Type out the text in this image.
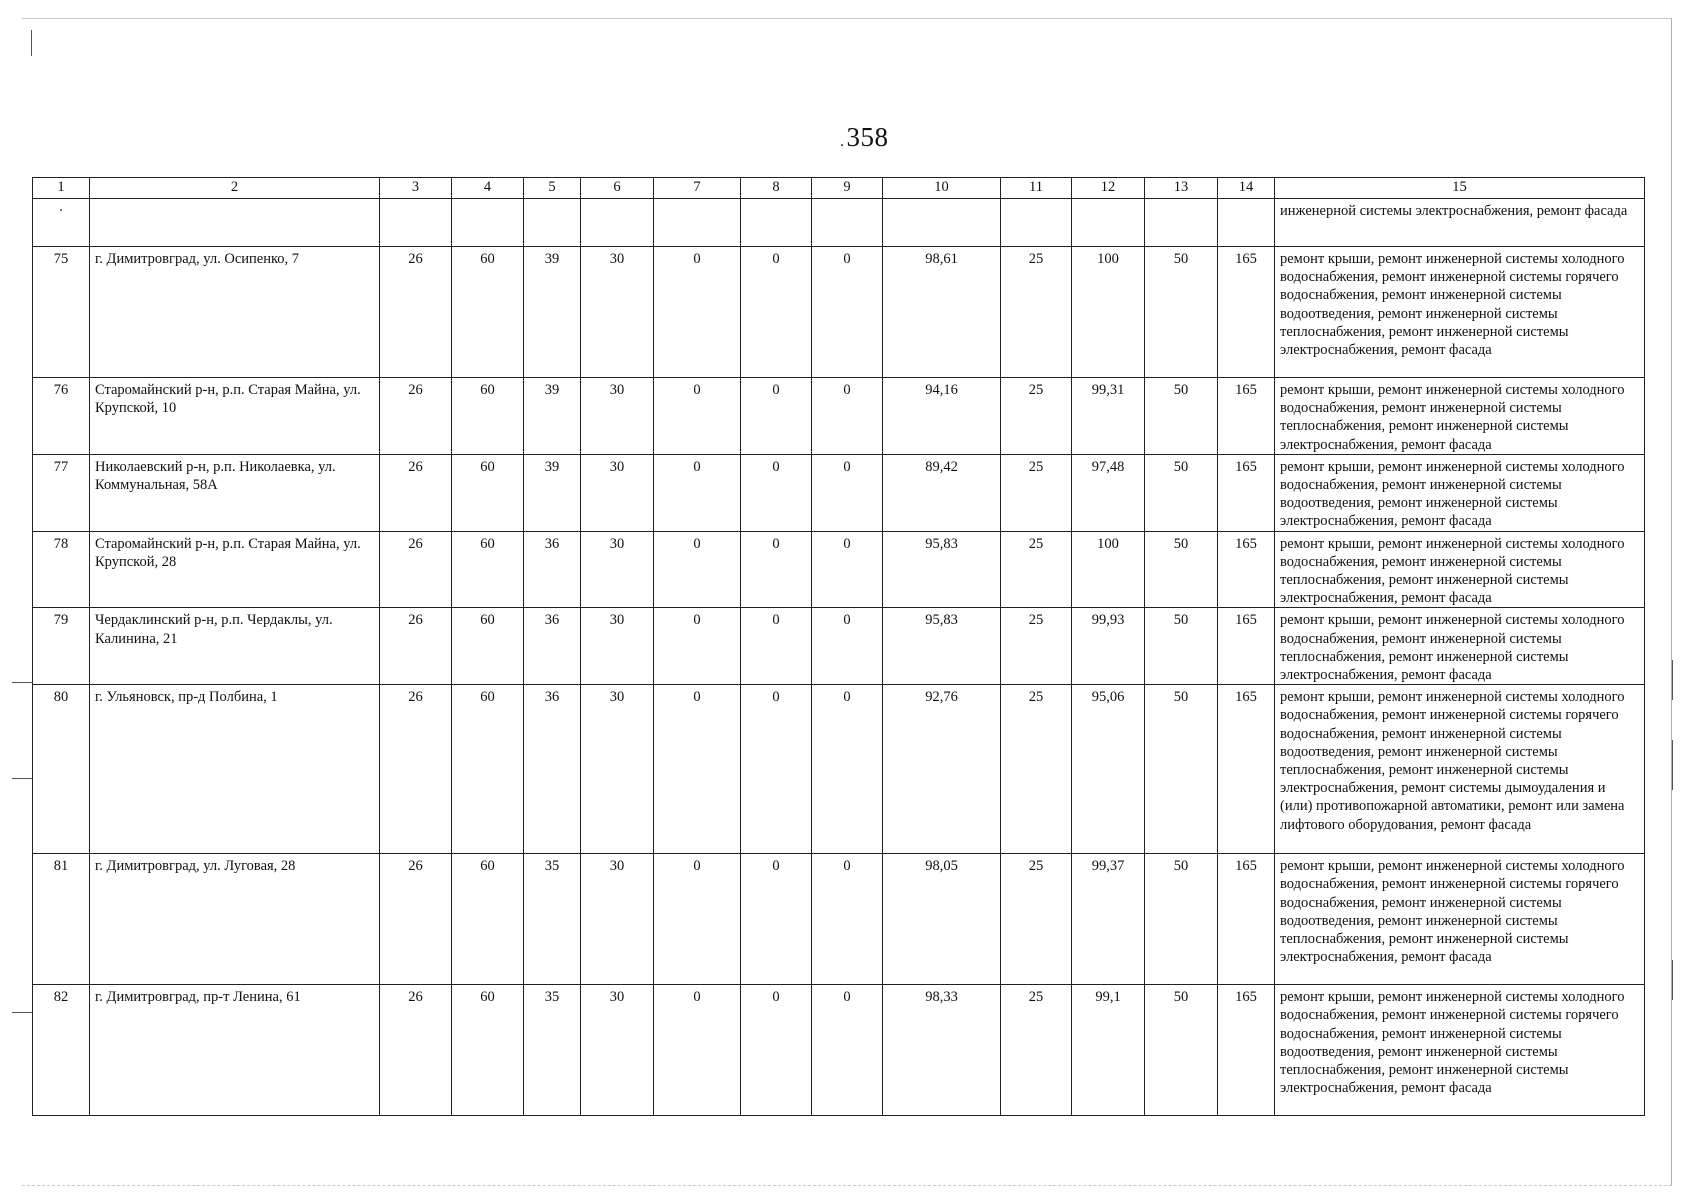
.358
1	2	3	4	5	6	7	8	9	10	11	12	13	14	15
·														инженерной системы электроснабжения, ремонт фасада
75	г. Димитровград, ул. Осипенко, 7	26	60	39	30	0	0	0	98,61	25	100	50	165	ремонт крыши, ремонт инженерной системы холодного водоснабжения, ремонт инженерной системы горячего водоснабжения, ремонт инженерной системы водоотведения, ремонт инженерной системы теплоснабжения, ремонт инженерной системы электроснабжения, ремонт фасада
76	Старомайнский р-н, р.п. Старая Майна, ул. Крупской, 10	26	60	39	30	0	0	0	94,16	25	99,31	50	165	ремонт крыши, ремонт инженерной системы холодного водоснабжения, ремонт инженерной системы теплоснабжения, ремонт инженерной системы электроснабжения, ремонт фасада
77	Николаевский р-н, р.п. Николаевка, ул. Коммунальная, 58А	26	60	39	30	0	0	0	89,42	25	97,48	50	165	ремонт крыши, ремонт инженерной системы холодного водоснабжения, ремонт инженерной системы водоотведения, ремонт инженерной системы электроснабжения, ремонт фасада
78	Старомайнский р-н, р.п. Старая Майна, ул. Крупской, 28	26	60	36	30	0	0	0	95,83	25	100	50	165	ремонт крыши, ремонт инженерной системы холодного водоснабжения, ремонт инженерной системы теплоснабжения, ремонт инженерной системы электроснабжения, ремонт фасада
79	Чердаклинский р-н, р.п. Чердаклы, ул. Калинина, 21	26	60	36	30	0	0	0	95,83	25	99,93	50	165	ремонт крыши, ремонт инженерной системы холодного водоснабжения, ремонт инженерной системы теплоснабжения, ремонт инженерной системы электроснабжения, ремонт фасада
80	г. Ульяновск, пр-д Полбина, 1	26	60	36	30	0	0	0	92,76	25	95,06	50	165	ремонт крыши, ремонт инженерной системы холодного водоснабжения, ремонт инженерной системы горячего водоснабжения, ремонт инженерной системы водоотведения, ремонт инженерной системы теплоснабжения, ремонт инженерной системы электроснабжения, ремонт системы дымоудаления и (или) противопожарной автоматики, ремонт или замена лифтового оборудования, ремонт фасада
81	г. Димитровград, ул. Луговая, 28	26	60	35	30	0	0	0	98,05	25	99,37	50	165	ремонт крыши, ремонт инженерной системы холодного водоснабжения, ремонт инженерной системы горячего водоснабжения, ремонт инженерной системы водоотведения, ремонт инженерной системы теплоснабжения, ремонт инженерной системы электроснабжения, ремонт фасада
82	г. Димитровград, пр-т Ленина, 61	26	60	35	30	0	0	0	98,33	25	99,1	50	165	ремонт крыши, ремонт инженерной системы холодного водоснабжения, ремонт инженерной системы горячего водоснабжения, ремонт инженерной системы водоотведения, ремонт инженерной системы теплоснабжения, ремонт инженерной системы электроснабжения, ремонт фасада
